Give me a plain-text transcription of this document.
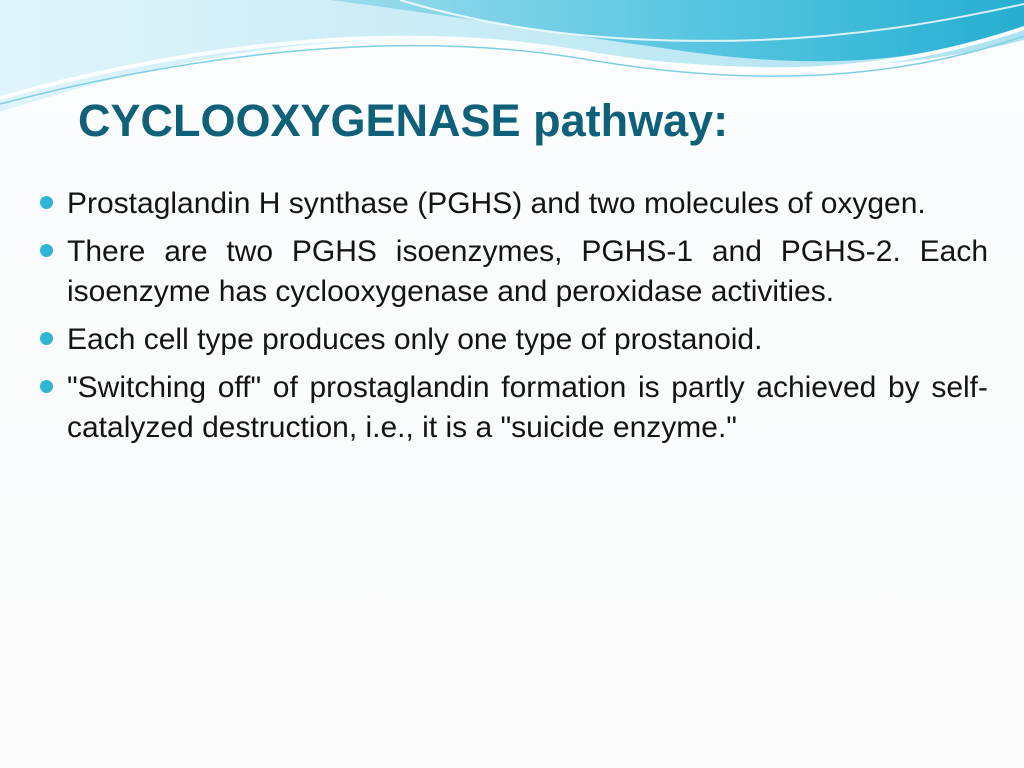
CYCLOOXYGENASE pathway:
Prostaglandin H synthase (PGHS) and two molecules of oxygen.
There are two PGHS isoenzymes, PGHS-1 and PGHS-2. Each isoenzyme has cyclooxygenase and peroxidase activities.
Each cell type produces only one type of prostanoid.
"Switching off" of prostaglandin formation is partly achieved by self-catalyzed destruction, i.e., it is a "suicide enzyme."
